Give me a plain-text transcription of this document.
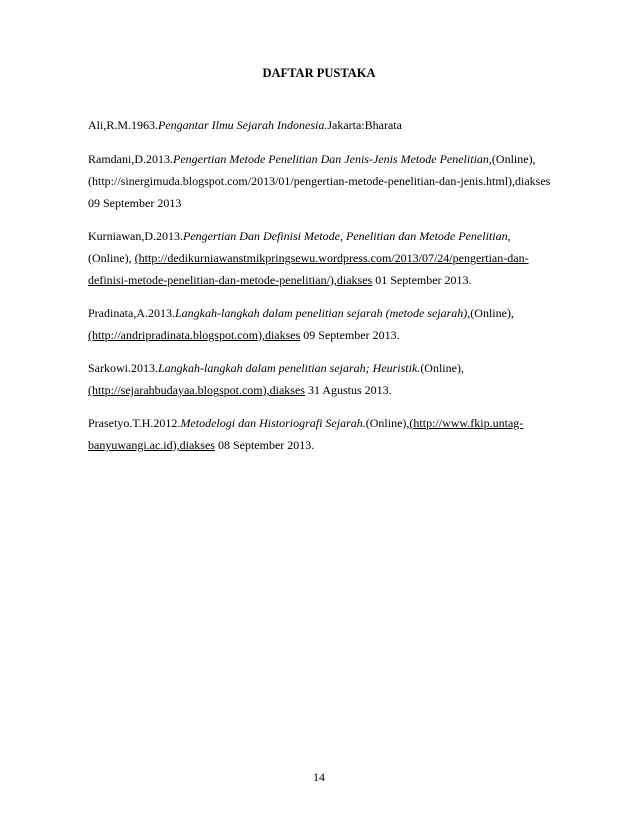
DAFTAR PUSTAKA

Ali,R.M.1963.Pengantar Ilmu Sejarah Indonesia.Jakarta:Bharata

Ramdani,D.2013.Pengertian Metode Penelitian Dan Jenis-Jenis Metode Penelitian,(Online), (http://sinergimuda.blogspot.com/2013/01/pengertian-metode-penelitian-dan-jenis.html),diakses 09 September 2013

Kurniawan,D.2013.Pengertian Dan Definisi Metode, Penelitian dan Metode Penelitian,(Online), (http://dedikurniawanstmikpringsewu.wordpress.com/2013/07/24/pengertian-dan-definisi-metode-penelitian-dan-metode-penelitian/),diakses 01 September 2013.

Pradinata,A.2013.Langkah-langkah dalam penelitian sejarah (metode sejarah),(Online), (http://andripradinata.blogspot.com),diakses 09 September 2013.

Sarkowi.2013.Langkah-langkah dalam penelitian sejarah; Heuristik.(Online), (http://sejarahbudayaa.blogspot.com),diakses 31 Agustus 2013.

Prasetyo.T.H.2012.Metodelogi dan Historiografi Sejarah.(Online),(http://www.fkip.untag-banyuwangi.ac.id),diakses 08 September 2013.

14
